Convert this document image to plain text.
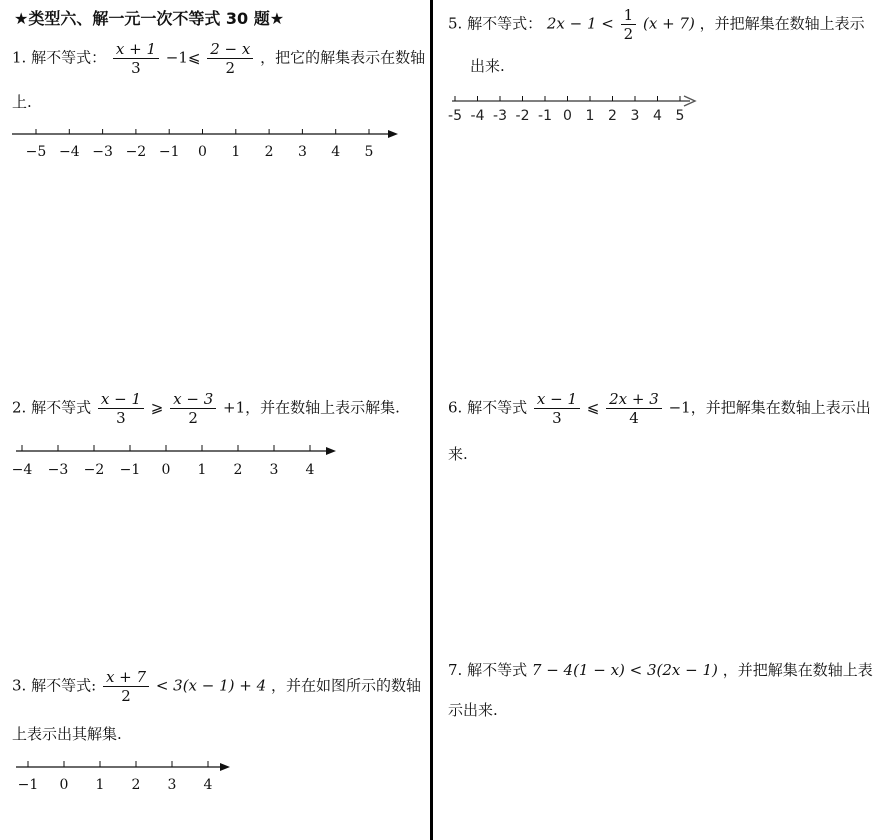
★类型六、解一元一次不等式 30 题★
1. 解不等式： $\frac{x + 1}{3}$ −1⩽ $\frac{2 - x}{2}$ ，把它的解集表示在数轴
上.
−5 −4 −3 −2 −1 0 1 2 3 4 5
2. 解不等式 $\frac{x - 1}{3}$ ⩾ $\frac{x - 3}{2} +1$，并在数轴上表示解集.
−4 −3 −2 −1 0 1 2 3 4
3. 解不等式: $\frac{x + 7}{2} < 3(x - 1) + 4$ ，并在如图所示的数轴
上表示出其解集.
−1 0 1 2 3 4
5. 解不等式： $2x - 1 < \frac{1}{2} (x + 7)$ ，并把解集在数轴上表示
出来.
-5 -4 -3 -2 -1 0 1 2 3 4 5
6. 解不等式 $\frac{x - 1}{3}$ ⩽ $\frac{2x + 3}{4} -1$，并把解集在数轴上表示出
来.
7. 解不等式 7 − 4(1 − x) < 3(2x − 1) ，并把解集在数轴上表
示出来.
